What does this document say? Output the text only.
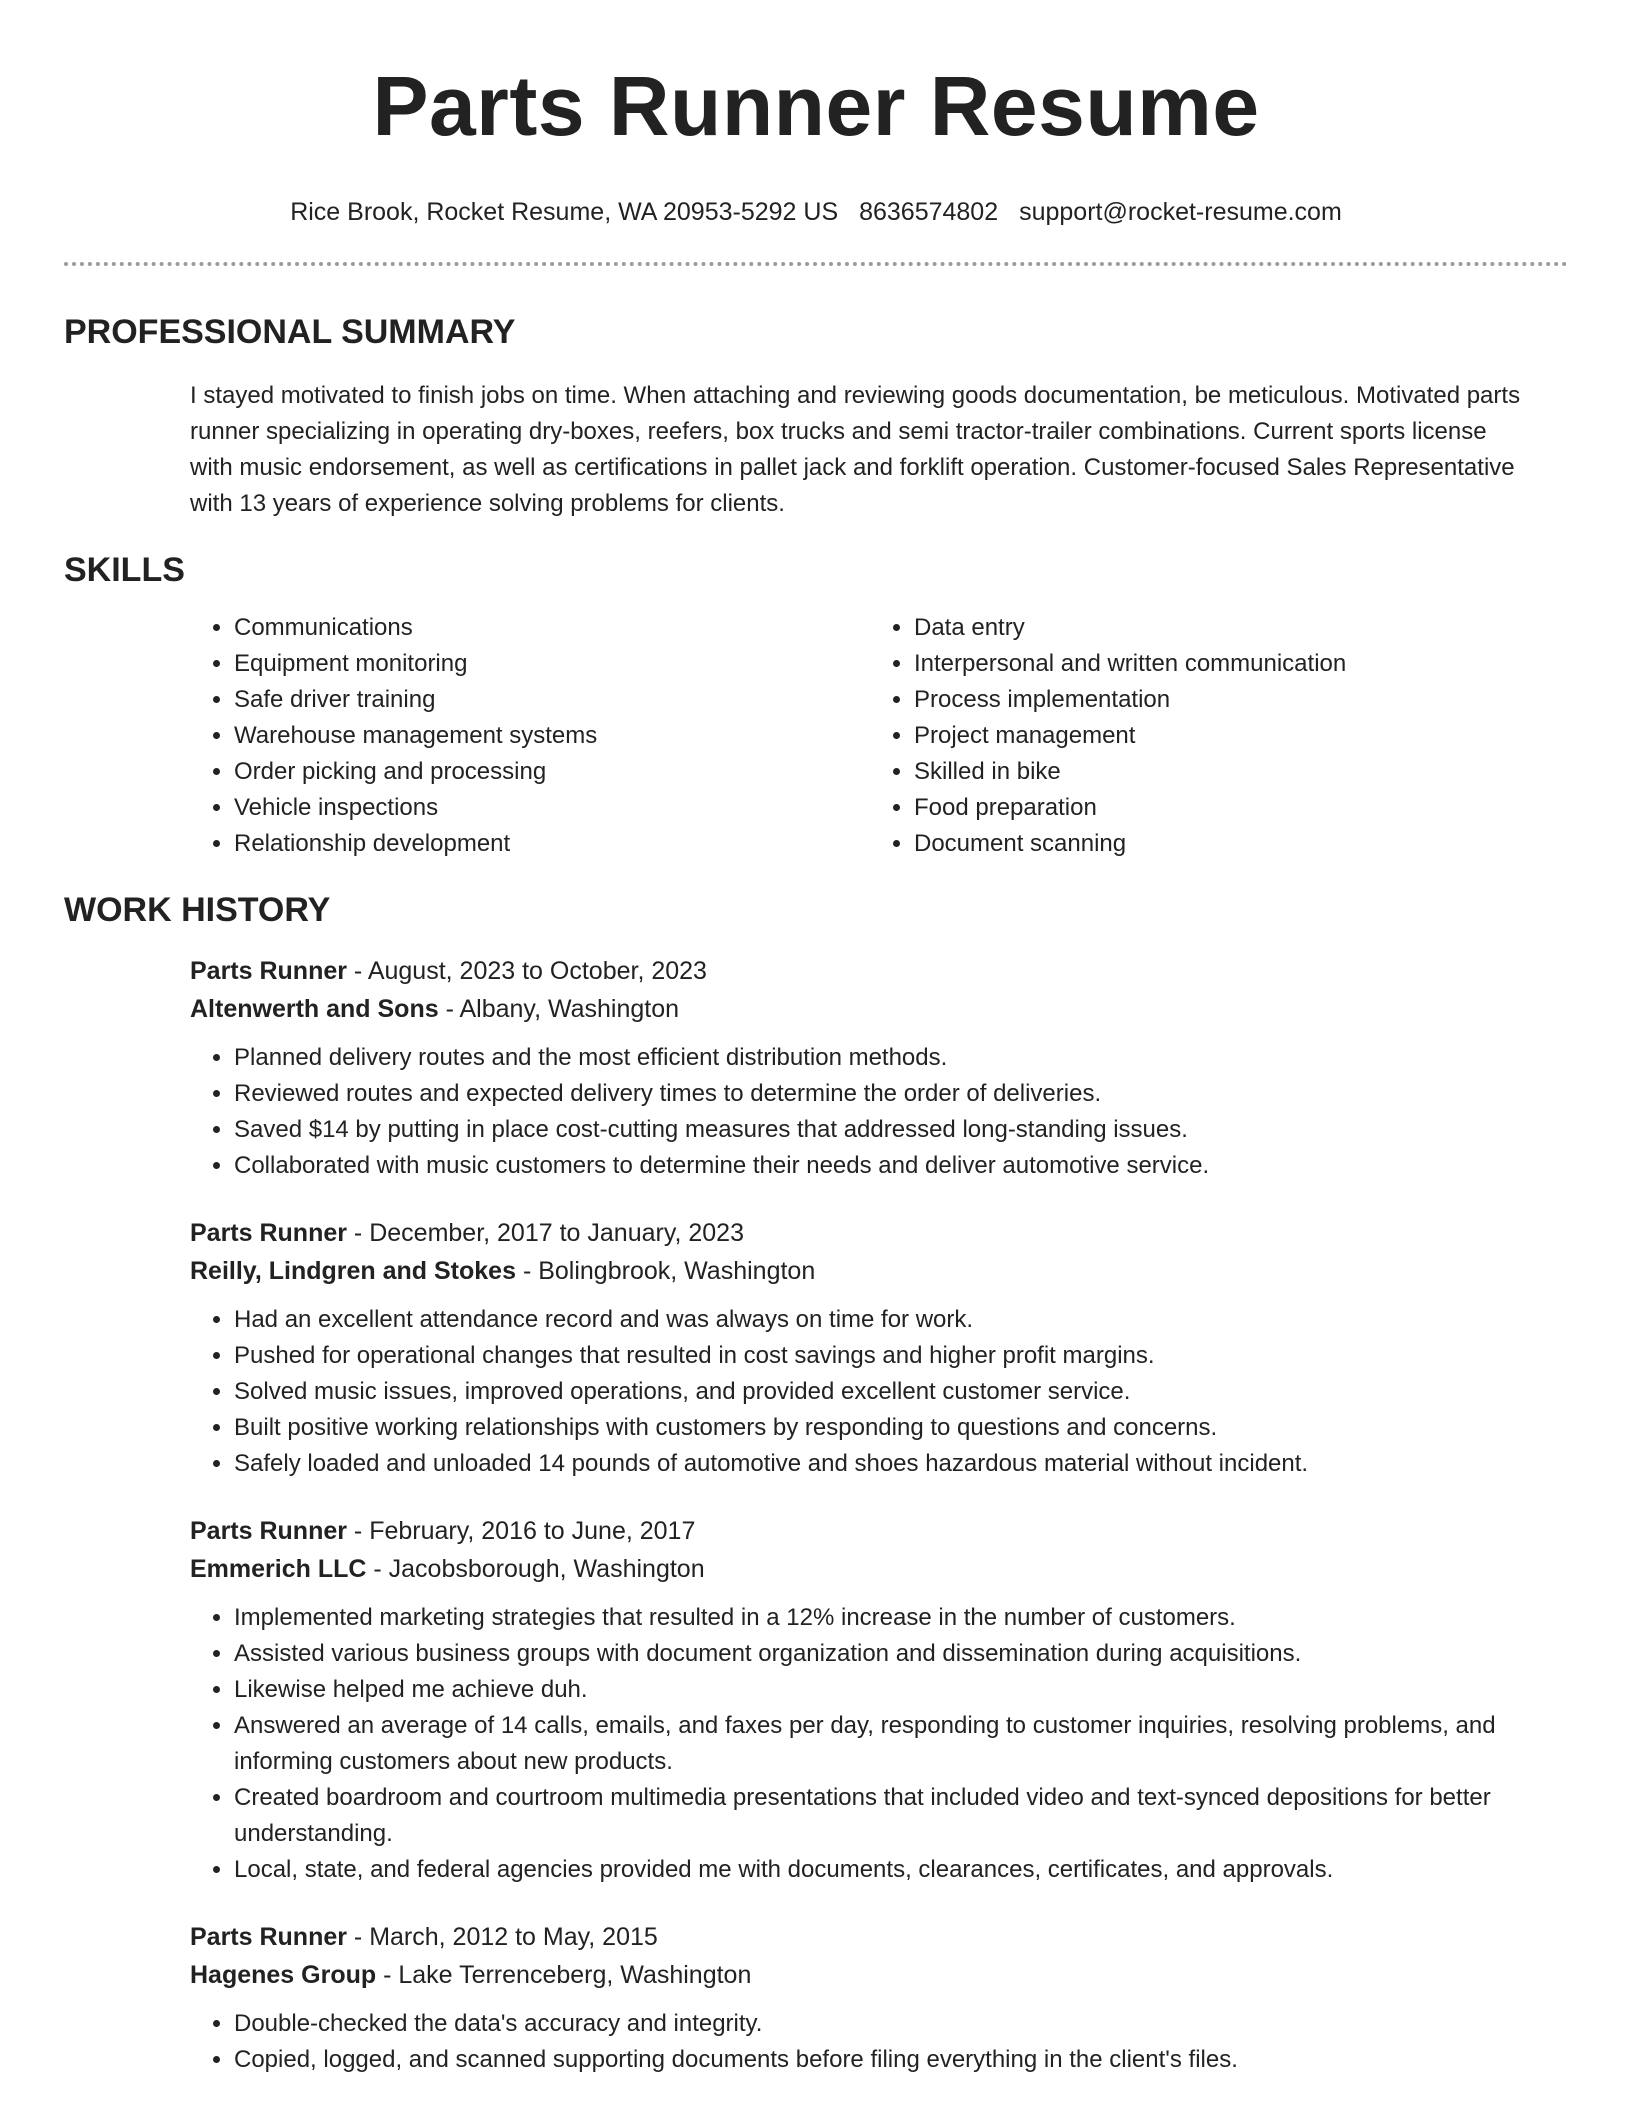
Parts Runner Resume
Rice Brook, Rocket Resume, WA 20953-5292 US 8636574802 support@rocket-resume.com
PROFESSIONAL SUMMARY
I stayed motivated to finish jobs on time. When attaching and reviewing goods documentation, be meticulous. Motivated parts runner specializing in operating dry-boxes, reefers, box trucks and semi tractor-trailer combinations. Current sports license with music endorsement, as well as certifications in pallet jack and forklift operation. Customer-focused Sales Representative with 13 years of experience solving problems for clients.
SKILLS
• Communications
• Equipment monitoring
• Safe driver training
• Warehouse management systems
• Order picking and processing
• Vehicle inspections
• Relationship development
• Data entry
• Interpersonal and written communication
• Process implementation
• Project management
• Skilled in bike
• Food preparation
• Document scanning
WORK HISTORY
Parts Runner - August, 2023 to October, 2023
Altenwerth and Sons - Albany, Washington
• Planned delivery routes and the most efficient distribution methods.
• Reviewed routes and expected delivery times to determine the order of deliveries.
• Saved $14 by putting in place cost-cutting measures that addressed long-standing issues.
• Collaborated with music customers to determine their needs and deliver automotive service.
Parts Runner - December, 2017 to January, 2023
Reilly, Lindgren and Stokes - Bolingbrook, Washington
• Had an excellent attendance record and was always on time for work.
• Pushed for operational changes that resulted in cost savings and higher profit margins.
• Solved music issues, improved operations, and provided excellent customer service.
• Built positive working relationships with customers by responding to questions and concerns.
• Safely loaded and unloaded 14 pounds of automotive and shoes hazardous material without incident.
Parts Runner - February, 2016 to June, 2017
Emmerich LLC - Jacobsborough, Washington
• Implemented marketing strategies that resulted in a 12% increase in the number of customers.
• Assisted various business groups with document organization and dissemination during acquisitions.
• Likewise helped me achieve duh.
• Answered an average of 14 calls, emails, and faxes per day, responding to customer inquiries, resolving problems, and informing customers about new products.
• Created boardroom and courtroom multimedia presentations that included video and text-synced depositions for better understanding.
• Local, state, and federal agencies provided me with documents, clearances, certificates, and approvals.
Parts Runner - March, 2012 to May, 2015
Hagenes Group - Lake Terrenceberg, Washington
• Double-checked the data's accuracy and integrity.
• Copied, logged, and scanned supporting documents before filing everything in the client's files.
